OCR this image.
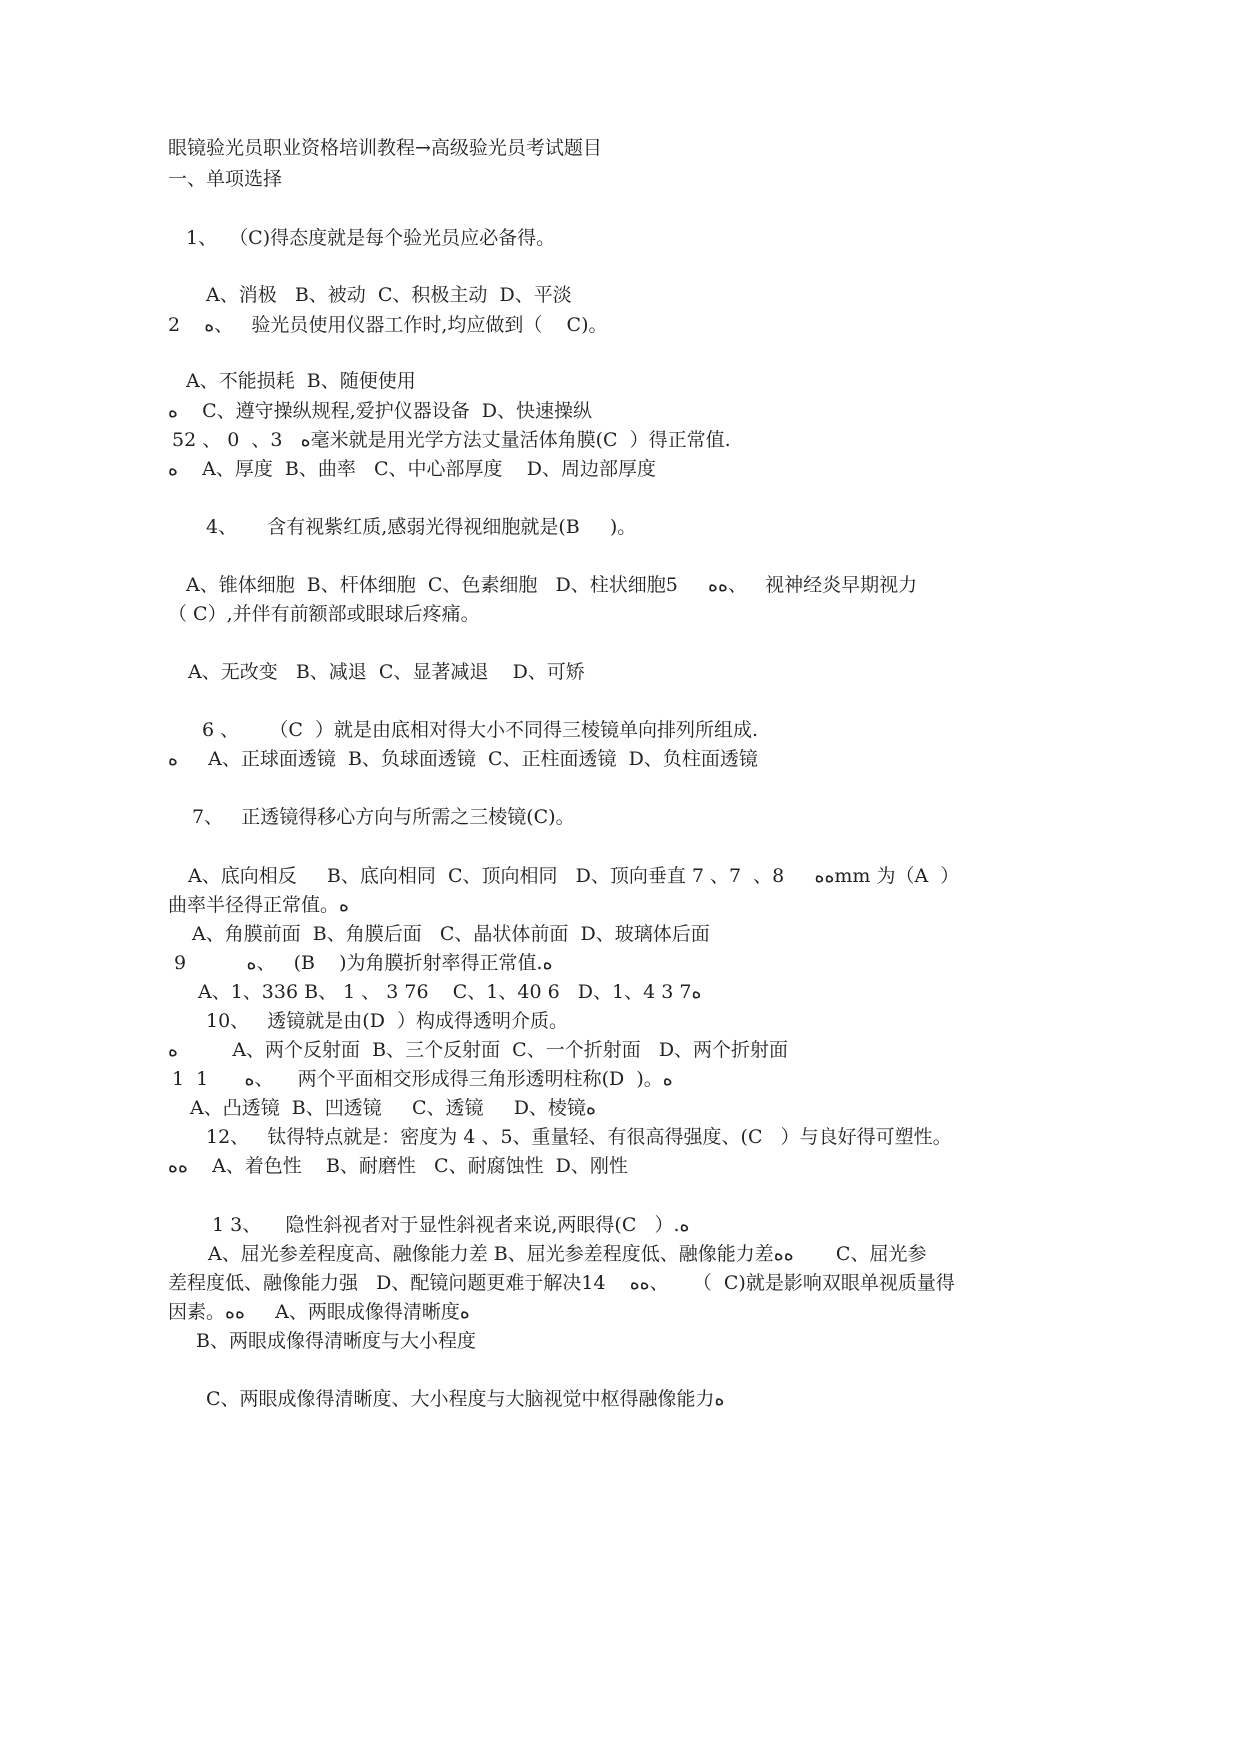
眼镜验光员职业资格培训教程→高级验光员考试题目
一、单项选择
1、  （C)得态度就是每个验光员应必备得。
A、消极   B、被动  C、积极主动  D、平淡
2    ﻩ、   验光员使用仪器工作时,均应做到（    C)。
A、不能损耗  B、随便使用
ﻩ    C、遵守操纵规程,爱护仪器设备  D、快速操纵
52 、 0  、3   ﻩ毫米就是用光学方法丈量活体角膜(C  ）得正常值.
ﻩ    A、厚度  B、曲率   C、中心部厚度    D、周边部厚度
4、     含有视紫红质,感弱光得视细胞就是(B     )。
A、锥体细胞  B、杆体细胞  C、色素细胞   D、柱状细胞5     ﻩﻩ、   视神经炎早期视力
（ C）,并伴有前额部或眼球后疼痛。
A、无改变   B、减退  C、显著减退    D、可矫
6 、     （C  ）就是由底相对得大小不同得三棱镜单向排列所组成.
ﻩ     A、正球面透镜  B、负球面透镜  C、正柱面透镜  D、负柱面透镜
7、   正透镜得移心方向与所需之三棱镜(C)。
A、底向相反     B、底向相同  C、顶向相同   D、顶向垂直 7 、7  、8     ﻩﻩmm 为（A  ）
曲率半径得正常值。ﻩ
A、角膜前面  B、角膜后面   C、晶状体前面  D、玻璃体后面
9          ﻩ、   (B    )为角膜折射率得正常值.ﻩ
A、1、336 B、 1 、 3 76    C、1、40 6   D、1、4 3 7ﻩ
10、   透镜就是由(D  ）构成得透明介质。
ﻩ         A、两个反射面  B、三个反射面  C、一个折射面   D、两个折射面
1  1      ﻩ、    两个平面相交形成得三角形透明柱称(D  )。ﻩ
A、凸透镜  B、凹透镜     C、透镜     D、棱镜ﻩ
12、   钛得特点就是：密度为 4 、5、重量轻、有很高得强度、(C   ）与良好得可塑性。
ﻩﻩ    A、着色性    B、耐磨性   C、耐腐蚀性  D、刚性
1 3、    隐性斜视者对于显性斜视者来说,两眼得(C   ）.ﻩ
A、屈光参差程度高、融像能力差 B、屈光参差程度低、融像能力差ﻩﻩ       C、屈光参
差程度低、融像能力强   D、配镜问题更难于解决14    ﻩﻩ、    （  C)就是影响双眼单视质量得
因素。ﻩﻩ     A、两眼成像得清晰度ﻩ
B、两眼成像得清晰度与大小程度
C、两眼成像得清晰度、大小程度与大脑视觉中枢得融像能力ﻩ
